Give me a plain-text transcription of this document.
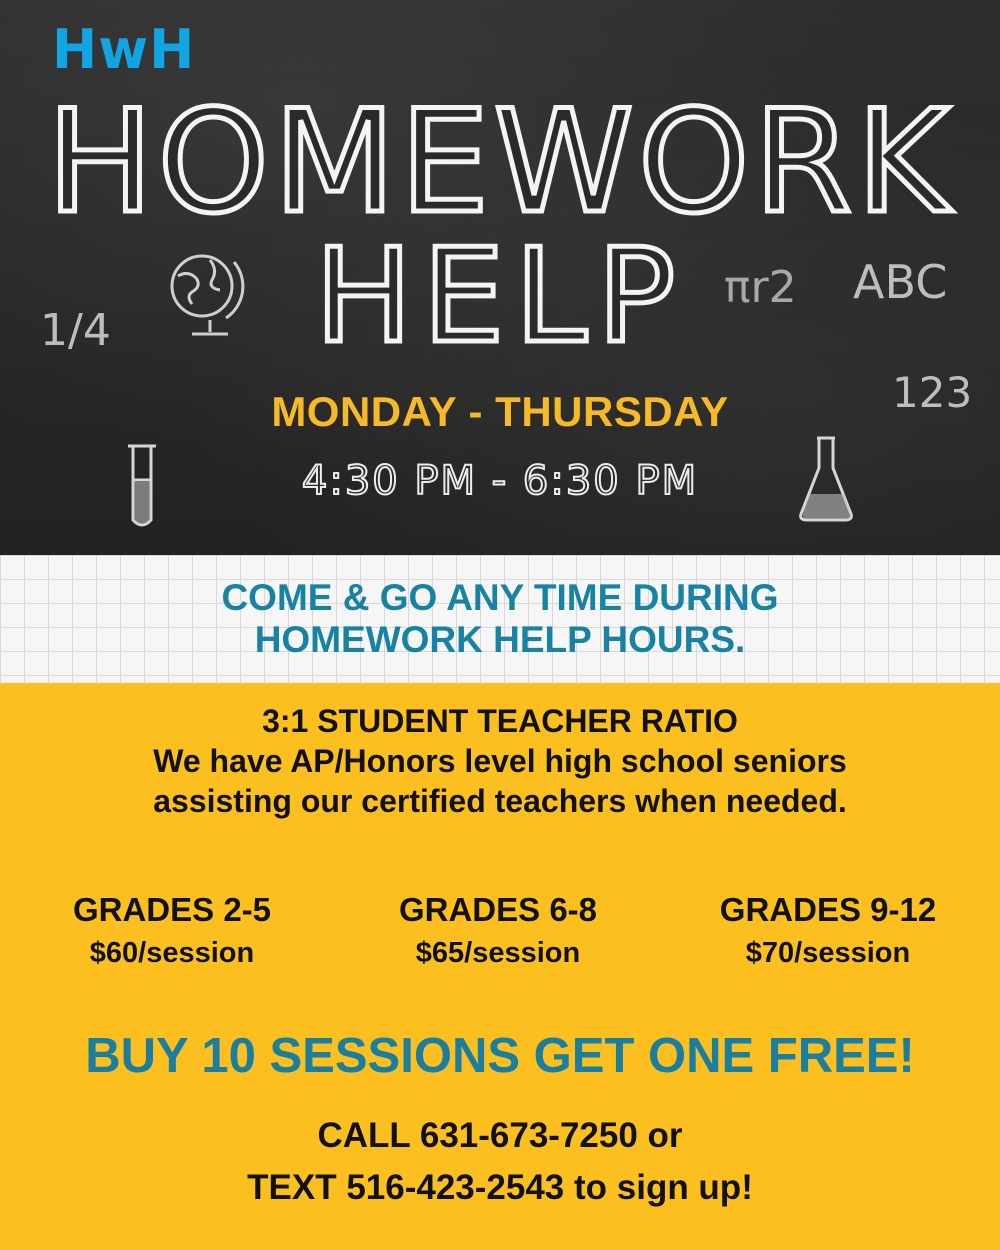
HwH
HOMEWORK
HELP
1/4
πr2 ABC
123
MONDAY - THURSDAY
4:30 PM - 6:30 PM
COME & GO ANY TIME DURING
HOMEWORK HELP HOURS.
3:1 STUDENT TEACHER RATIO
We have AP/Honors level high school seniors
assisting our certified teachers when needed.
GRADES 2-5
$60/session
GRADES 6-8
$65/session
GRADES 9-12
$70/session
BUY 10 SESSIONS GET ONE FREE!
CALL 631-673-7250 or
TEXT 516-423-2543 to sign up!
